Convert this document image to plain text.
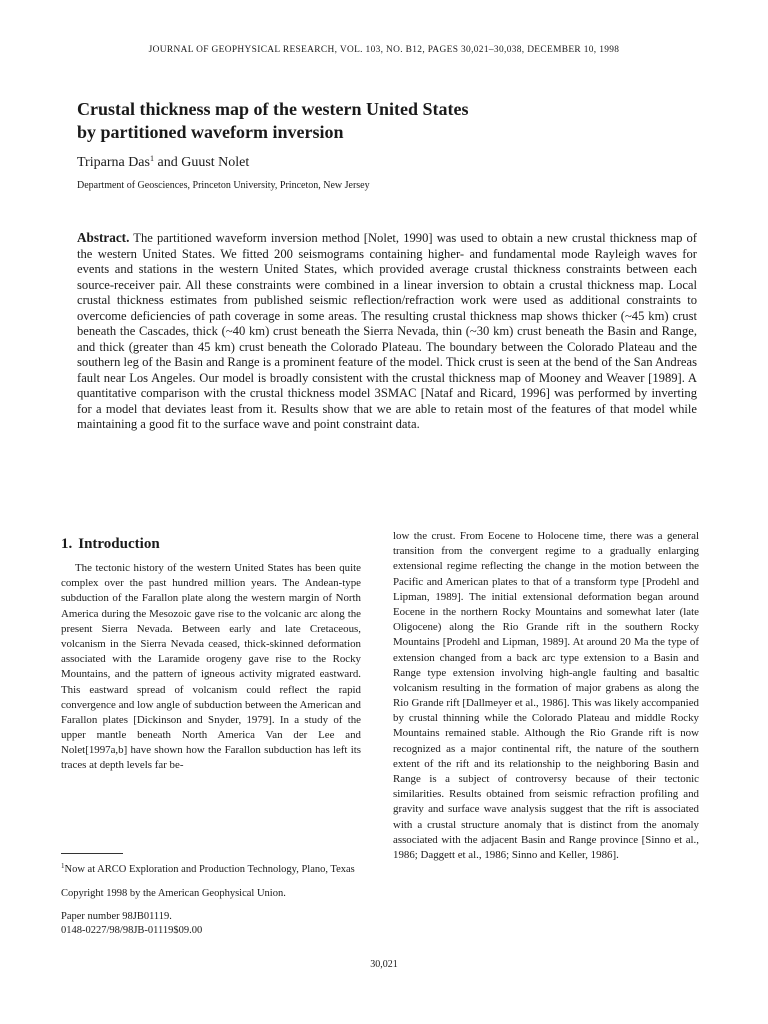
JOURNAL OF GEOPHYSICAL RESEARCH, VOL. 103, NO. B12, PAGES 30,021–30,038, DECEMBER 10, 1998
Crustal thickness map of the western United States
by partitioned waveform inversion
Triparna Das$^1$ and Guust Nolet
Department of Geosciences, Princeton University, Princeton, New Jersey

Abstract. The partitioned waveform inversion method [Nolet, 1990] was used to obtain a new crustal thickness map of the western United States. We fitted 200 seismograms containing higher- and fundamental mode Rayleigh waves for events and stations in the western United States, which provided average crustal thickness constraints between each source-receiver pair. All these constraints were combined in a linear inversion to obtain a crustal thickness map. Local crustal thickness estimates from published seismic reflection/refraction work were used as additional constraints to overcome deficiencies of path coverage in some areas. The resulting crustal thickness map shows thicker (~45 km) crust beneath the Cascades, thick (~40 km) crust beneath the Sierra Nevada, thin (~30 km) crust beneath the Basin and Range, and thick (greater than 45 km) crust beneath the Colorado Plateau. The boundary between the Colorado Plateau and the southern leg of the Basin and Range is a prominent feature of the model. Thick crust is seen at the bend of the San Andreas fault near Los Angeles. Our model is broadly consistent with the crustal thickness map of Mooney and Weaver [1989]. A quantitative comparison with the crustal thickness model 3SMAC [Nataf and Ricard, 1996] was performed by inverting for a model that deviates least from it. Results show that we are able to retain most of the features of that model while maintaining a good fit to the surface wave and point constraint data.

1. Introduction

The tectonic history of the western United States has been quite complex over the past hundred million years. The Andean-type subduction of the Farallon plate along the western margin of North America during the Mesozoic gave rise to the volcanic arc along the present Sierra Nevada. Between early and late Cretaceous, volcanism in the Sierra Nevada ceased, thick-skinned deformation associated with the Laramide orogeny gave rise to the Rocky Mountains, and the pattern of igneous activity migrated eastward. This eastward spread of volcanism could reflect the rapid convergence and low angle of subduction between the American and Farallon plates [Dickinson and Snyder, 1979]. In a study of the upper mantle beneath North America Van der Lee and Nolet[1997a,b] have shown how the Farallon subduction has left its traces at depth levels far be-

low the crust. From Eocene to Holocene time, there was a general transition from the convergent regime to a gradually enlarging extensional regime reflecting the change in the motion between the Pacific and American plates to that of a transform type [Prodehl and Lipman, 1989]. The initial extensional deformation began around Eocene in the northern Rocky Mountains and somewhat later (late Oligocene) along the Rio Grande rift in the southern Rocky Mountains [Prodehl and Lipman, 1989]. At around 20 Ma the type of extension changed from a back arc type extension to a Basin and Range type extension involving high-angle faulting and basaltic volcanism resulting in the formation of major grabens as along the Rio Grande rift [Dallmeyer et al., 1986]. This was likely accompanied by crustal thinning while the Colorado Plateau and middle Rocky Mountains remained stable. Although the Rio Grande rift is now recognized as a major continental rift, the nature of the southern extent of the rift and its relationship to the neighboring Basin and Range is a subject of controversy because of their tectonic similarities. Results obtained from seismic refraction profiling and gravity and surface wave analysis suggest that the rift is associated with a crustal structure anomaly that is distinct from the anomaly associated with the adjacent Basin and Range province [Sinno et al., 1986; Daggett et al., 1986; Sinno and Keller, 1986].

$^1$Now at ARCO Exploration and Production Technology, Plano, Texas

Copyright 1998 by the American Geophysical Union.

Paper number 98JB01119.

0148-0227/98/98JB-01119$09.00

30,021
